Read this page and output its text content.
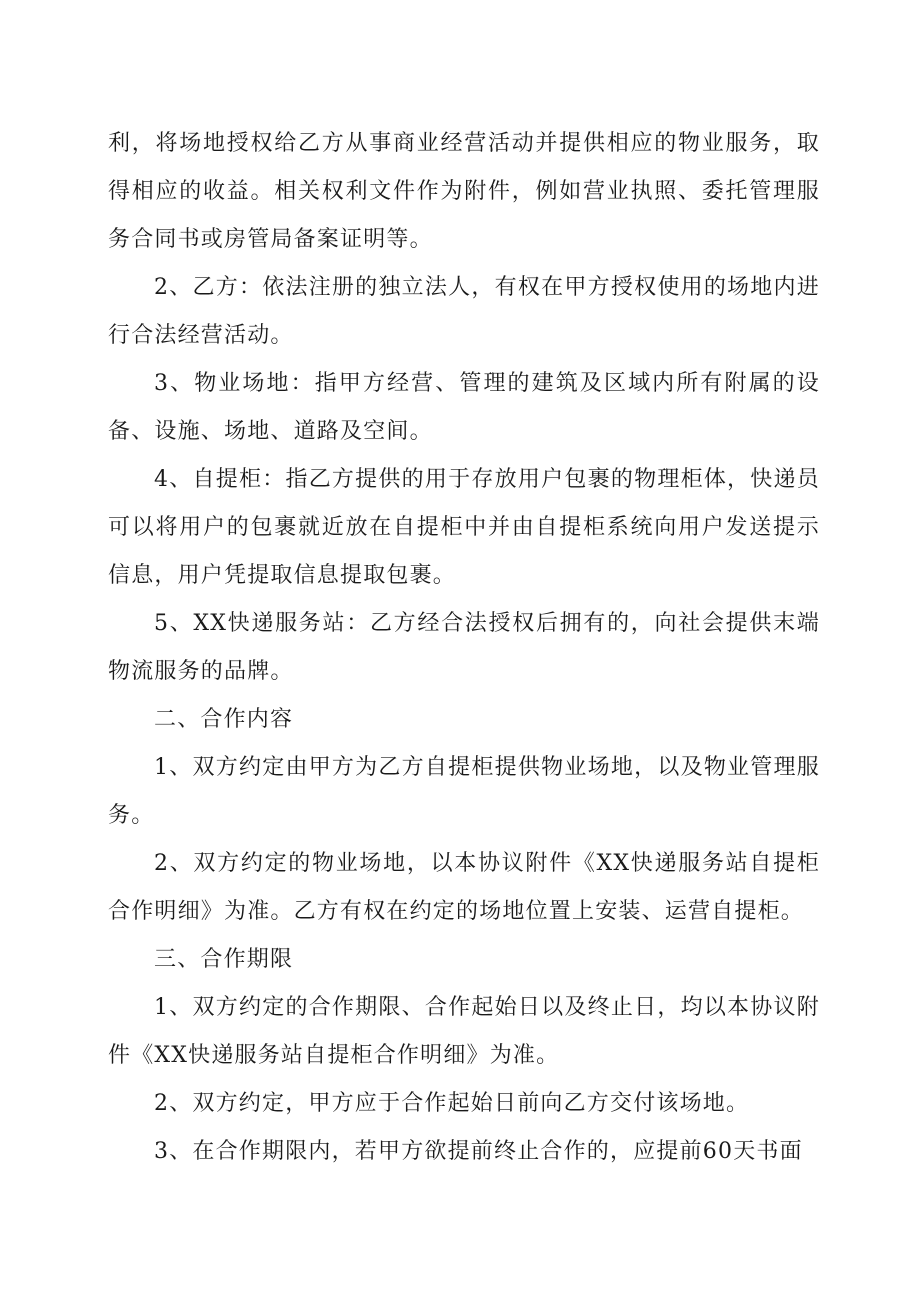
利，将场地授权给乙方从事商业经营活动并提供相应的物业服务，取得相应的收益。相关权利文件作为附件，例如营业执照、委托管理服务合同书或房管局备案证明等。

2、乙方：依法注册的独立法人，有权在甲方授权使用的场地内进行合法经营活动。

3、物业场地：指甲方经营、管理的建筑及区域内所有附属的设备、设施、场地、道路及空间。

4、自提柜：指乙方提供的用于存放用户包裹的物理柜体，快递员可以将用户的包裹就近放在自提柜中并由自提柜系统向用户发送提示信息，用户凭提取信息提取包裹。

5、XX快递服务站：乙方经合法授权后拥有的，向社会提供末端物流服务的品牌。

二、合作内容

1、双方约定由甲方为乙方自提柜提供物业场地，以及物业管理服务。

2、双方约定的物业场地，以本协议附件《XX快递服务站自提柜合作明细》为准。乙方有权在约定的场地位置上安装、运营自提柜。

三、合作期限

1、双方约定的合作期限、合作起始日以及终止日，均以本协议附件《XX快递服务站自提柜合作明细》为准。

2、双方约定，甲方应于合作起始日前向乙方交付该场地。

3、在合作期限内，若甲方欲提前终止合作的，应提前60天书面
